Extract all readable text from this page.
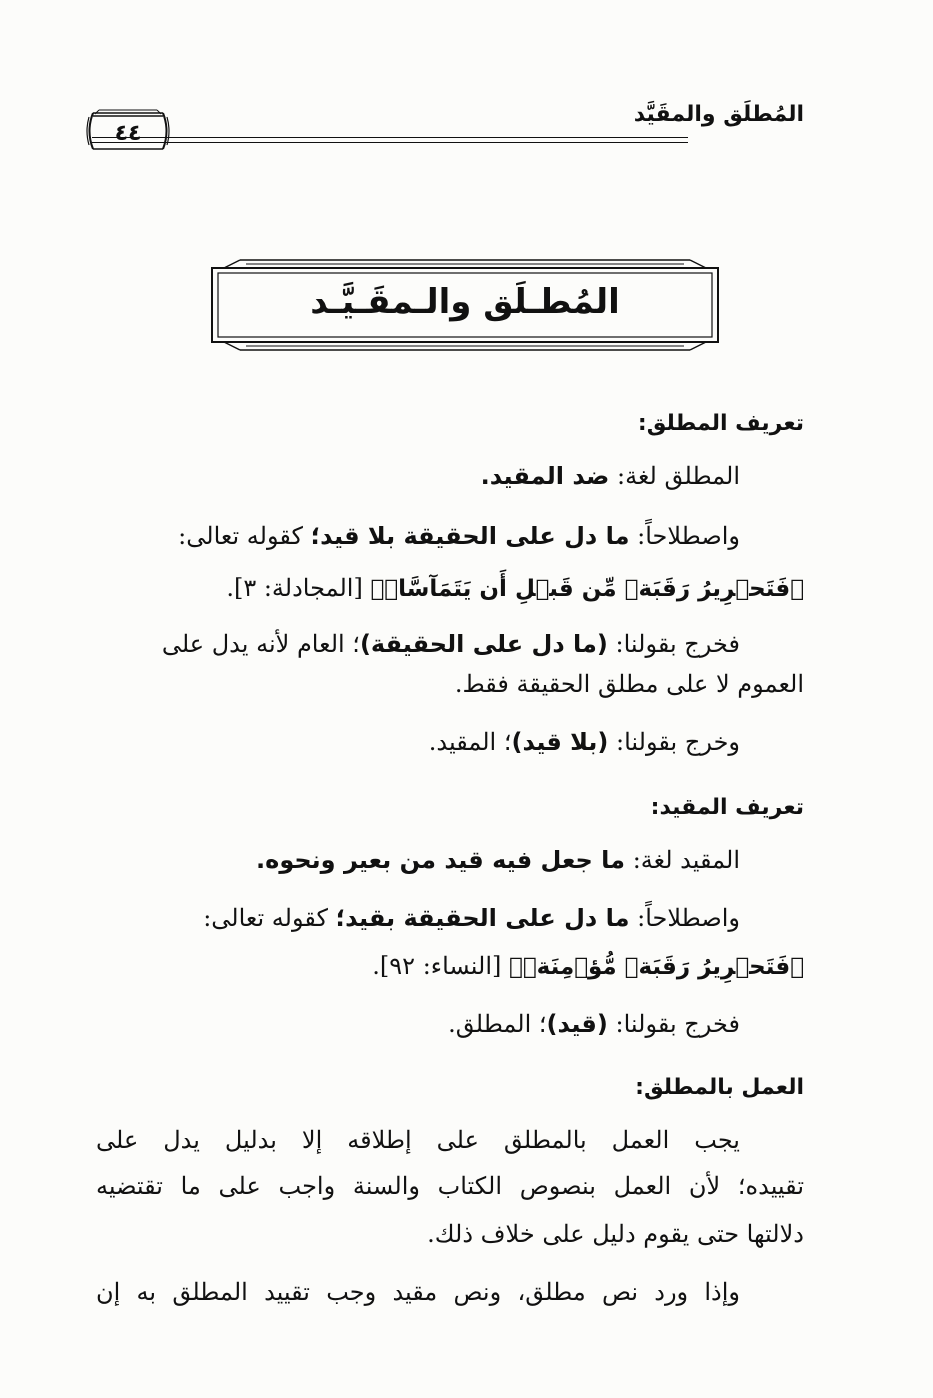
المُطلَق والمقَيَّد
٤٤
المُطـلَق والـمقَـيَّـد
تعريف المطلق:
المطلق لغة: ضد المقيد.
واصطلاحاً: ما دل على الحقيقة بلا قيد؛ كقوله تعالى:
﴿فَتَحۡرِيرُ رَقَبَةٖ مِّن قَبۡلِ أَن يَتَمَآسَّاۚ﴾ [المجادلة: ٣].
فخرج بقولنا: (ما دل على الحقيقة)؛ العام لأنه يدل على
العموم لا على مطلق الحقيقة فقط.
وخرج بقولنا: (بلا قيد)؛ المقيد.
تعريف المقيد:
المقيد لغة: ما جعل فيه قيد من بعير ونحوه.
واصطلاحاً: ما دل على الحقيقة بقيد؛ كقوله تعالى:
﴿فَتَحۡرِيرُ رَقَبَةٖ مُّؤۡمِنَةٖ﴾ [النساء: ٩٢].
فخرج بقولنا: (قيد)؛ المطلق.
العمل بالمطلق:
يجب العمل بالمطلق على إطلاقه إلا بدليل يدل على
تقييده؛ لأن العمل بنصوص الكتاب والسنة واجب على ما تقتضيه
دلالتها حتى يقوم دليل على خلاف ذلك.
وإذا ورد نص مطلق، ونص مقيد وجب تقييد المطلق به إن
